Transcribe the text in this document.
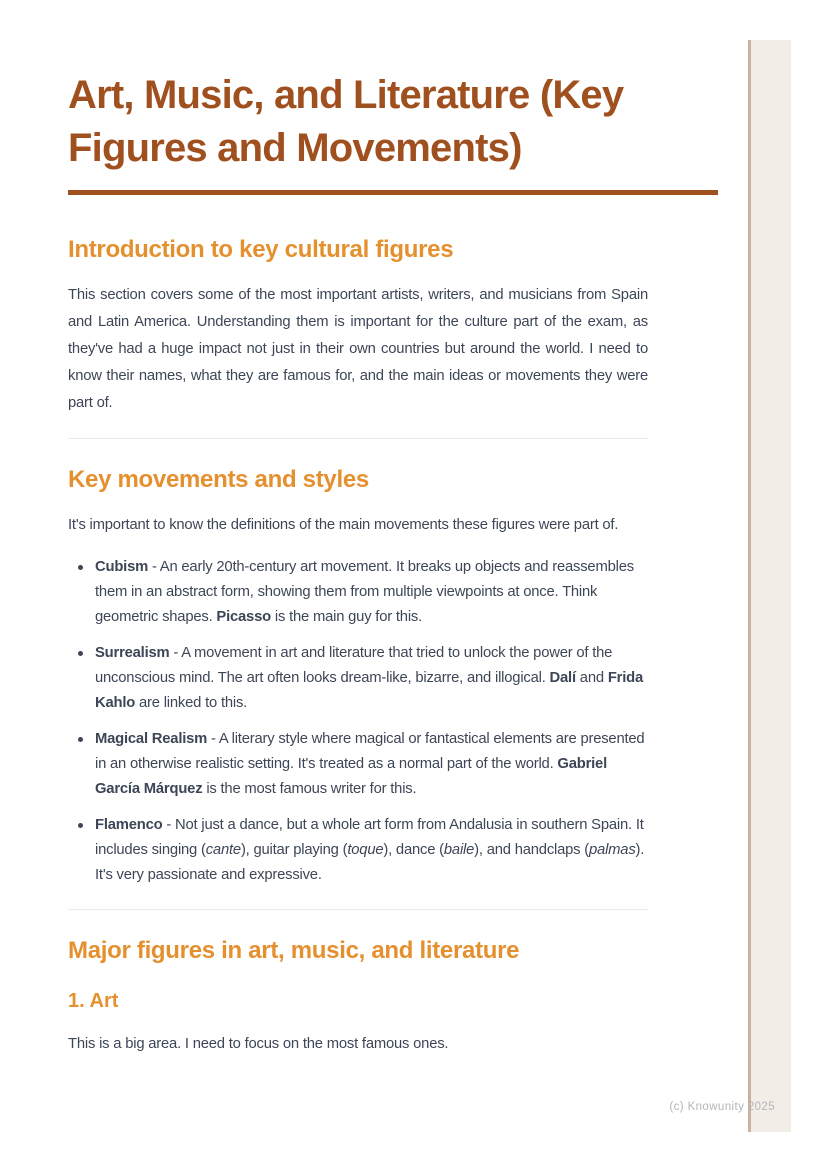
Art, Music, and Literature (Key
Figures and Movements)
Introduction to key cultural figures

This section covers some of the most important artists, writers, and musicians from Spain and Latin America. Understanding them is important for the culture part of the exam, as they've had a huge impact not just in their own countries but around the world. I need to know their names, what they are famous for, and the main ideas or movements they were part of.

Key movements and styles

It's important to know the definitions of the main movements these figures were part of.

Cubism - An early 20th-century art movement. It breaks up objects and reassembles them in an abstract form, showing them from multiple viewpoints at once. Think geometric shapes. Picasso is the main guy for this.
Surrealism - A movement in art and literature that tried to unlock the power of the unconscious mind. The art often looks dream-like, bizarre, and illogical. Dalí and Frida Kahlo are linked to this.
Magical Realism - A literary style where magical or fantastical elements are presented in an otherwise realistic setting. It's treated as a normal part of the world. Gabriel García Márquez is the most famous writer for this.
Flamenco - Not just a dance, but a whole art form from Andalusia in southern Spain. It includes singing (cante), guitar playing (toque), dance (baile), and handclaps (palmas). It's very passionate and expressive.
Major figures in art, music, and literature
1. Art

This is a big area. I need to focus on the most famous ones.

(c) Knowunity 2025
